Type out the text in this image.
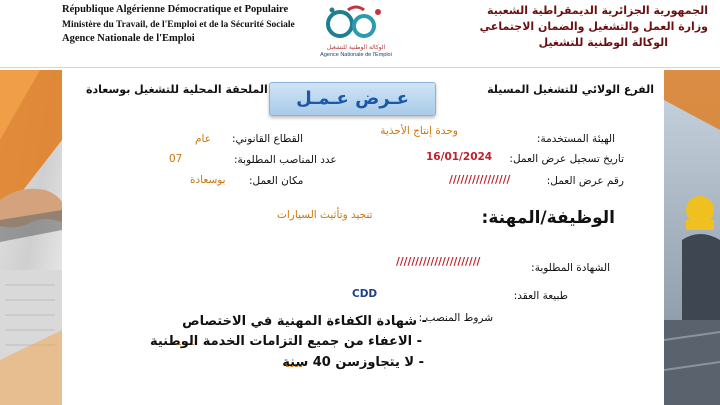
République Algérienne Démocratique et Populaire
Ministère du Travail, de l'Emploi et de la Sécurité Sociale
Agence Nationale de l'Emploi
الوكالة الوطنية للتشغيل
Agence Nationale de l'Emploi
الجمهورية الجزائرية الديمقراطية الشعبية
وزارة العمل والتشغيل والضمان الاجتماعي
الوكالة الوطنية للتشغيل
الملحقة المحلية للتشغيل بوسعادة	الفرع الولائي للتشغيل المسيلة
عـرض عـمـل
الهيئة المستخدمة:
وحدة إنتاج الأحذية
تاريخ تسجيل عرض العمل:
16/01/2024
رقم عرض العمل:
////////////////
القطاع القانوني:
عام
عدد المناصب المطلوبة:
07
مكان العمل:
بوسعادة
الوظيفة/المهنة:
تنجيد وتأثيث السيارات
الشهادة المطلوبة:
//////////////////////
طبيعة العقد:
CDD
شروط المنصب :
- شهادة الكفاءة المهنية في الاختصاص
- الاعفاء من جميع التزامات الخدمة الوطنية
- لا يتجاوزسن 40 سنة
